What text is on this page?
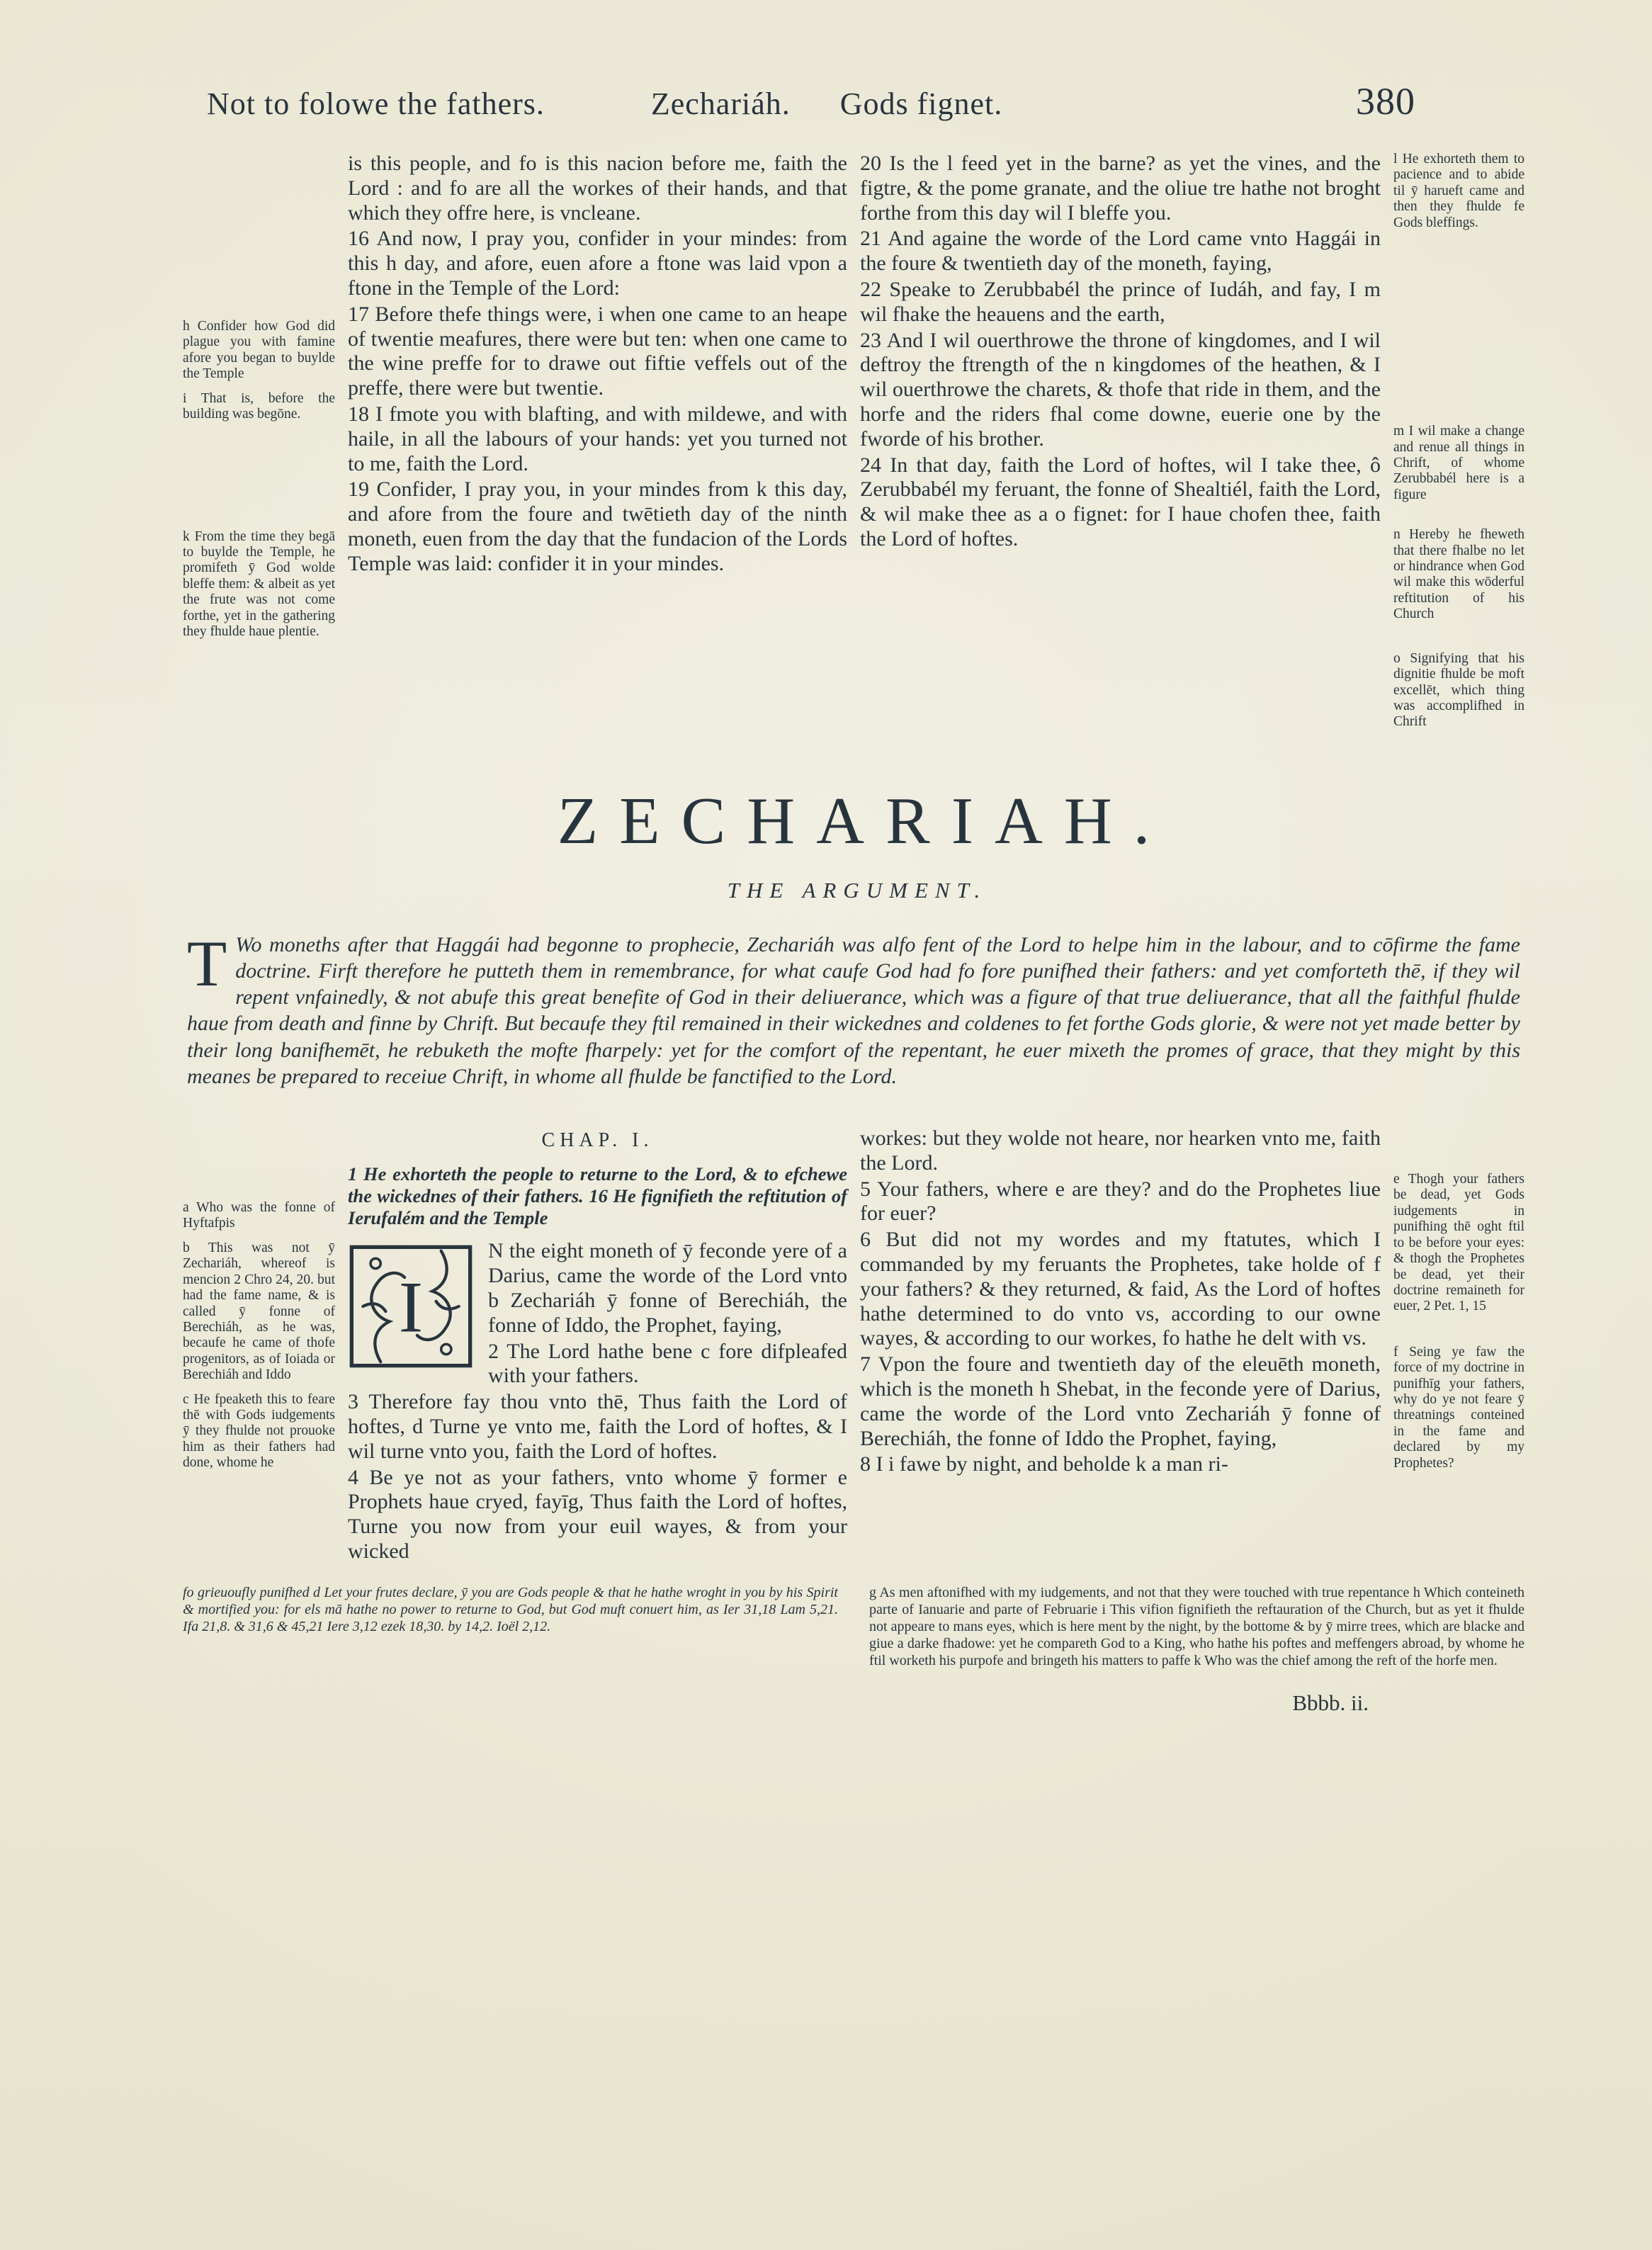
Not to folowe the fathers.	Zechariáh. Gods fignet.	380

h Confider how God did plague you with famine afore you began to buylde the Temple

i That is, before the building was begōne.

k From the time they begā to buylde the Temple, he promifeth ȳ God wolde bleffe them: & albeit as yet the frute was not come forthe, yet in the gathering they fhulde haue plentie.

is this people, and fo is this nacion before me, faith the Lord : and fo are all the workes of their hands, and that which they offre here, is vncleane.

16 And now, I pray you, confider in your mindes: from this h day, and afore, euen afore a ftone was laid vpon a ftone in the Temple of the Lord:

17 Before thefe things were, i when one came to an heape of twentie meafures, there were but ten: when one came to the wine preffe for to drawe out fiftie veffels out of the preffe, there were but twentie.

18 I fmote you with blafting, and with mildewe, and with haile, in all the labours of your hands: yet you turned not to me, faith the Lord.

19 Confider, I pray you, in your mindes from k this day, and afore from the foure and twētieth day of the ninth moneth, euen from the day that the fundacion of the Lords Temple was laid: confider it in your mindes.

20 Is the l feed yet in the barne? as yet the vines, and the figtre, & the pome granate, and the oliue tre hathe not broght forthe from this day wil I bleffe you.

21 And againe the worde of the Lord came vnto Haggái in the foure & twentieth day of the moneth, faying,

22 Speake to Zerubbabél the prince of Iudáh, and fay, I m wil fhake the heauens and the earth,

23 And I wil ouerthrowe the throne of kingdomes, and I wil deftroy the ftrength of the n kingdomes of the heathen, & I wil ouerthrowe the charets, & thofe that ride in them, and the horfe and the riders fhal come downe, euerie one by the fworde of his brother.

24 In that day, faith the Lord of hoftes, wil I take thee, ô Zerubbabél my feruant, the fonne of Shealtiél, faith the Lord, & wil make thee as a o fignet: for I haue chofen thee, faith the Lord of hoftes.

l He exhorteth them to pacience and to abide til ȳ harueft came and then they fhulde fe Gods bleffings.

m I wil make a change and renue all things in Chrift, of whome Zerubbabél here is a figure

n Hereby he fheweth that there fhalbe no let or hindrance when God wil make this wōderful reftitution of his Church

o Signifying that his dignitie fhulde be moft excellēt, which thing was accomplifhed in Chrift

ZECHARIAH.
THE ARGUMENT.
T Wo moneths after that Haggái had begonne to prophecie, Zechariáh was alfo fent of the Lord to helpe him in the labour, and to cōfirme the fame doctrine. Firft therefore he putteth them in remembrance, for what caufe God had fo fore punifhed their fathers: and yet comforteth thē, if they wil repent vnfainedly, & not abufe this great benefite of God in their deliuerance, which was a figure of that true deliuerance, that all the faithful fhulde haue from death and finne by Chrift. But becaufe they ftil remained in their wickednes and coldenes to fet forthe Gods glorie, & were not yet made better by their long banifhemēt, he rebuketh the mofte fharpely: yet for the comfort of the repentant, he euer mixeth the promes of grace, that they might by this meanes be prepared to receiue Chrift, in whome all fhulde be fanctified to the Lord.

a Who was the fonne of Hyftafpis

b This was not ȳ Zechariáh, whereof is mencion 2 Chro 24, 20. but had the fame name, & is called ȳ fonne of Berechiáh, as he was, becaufe he came of thofe progenitors, as of Ioiada or Berechiáh and Iddo

c He fpeaketh this to feare thē with Gods iudgements ȳ they fhulde not prouoke him as their fathers had done, whome he

CHAP. I.

1 He exhorteth the people to returne to the Lord, & to efchewe the wickednes of their fathers. 16 He fignifieth the reftitution of Ierufalém and the Temple

I

N the eight moneth of ȳ feconde yere of a Darius, came the worde of the Lord vnto b Zechariáh ȳ fonne of Berechiáh, the fonne of Iddo, the Prophet, faying,

2 The Lord hathe bene c fore difpleafed with your fathers.

3 Therefore fay thou vnto thē, Thus faith the Lord of hoftes, d Turne ye vnto me, faith the Lord of hoftes, & I wil turne vnto you, faith the Lord of hoftes.

4 Be ye not as your fathers, vnto whome ȳ former e Prophets haue cryed, fayīg, Thus faith the Lord of hoftes, Turne you now from your euil wayes, & from your wicked

workes: but they wolde not heare, nor hearken vnto me, faith the Lord.

5 Your fathers, where e are they? and do the Prophetes liue for euer?

6 But did not my wordes and my ftatutes, which I commanded by my feruants the Prophetes, take holde of f your fathers? & they returned, & faid, As the Lord of hoftes hathe determined to do vnto vs, according to our owne wayes, & according to our workes, fo hathe he delt with vs.

7 Vpon the foure and twentieth day of the eleuēth moneth, which is the moneth h Shebat, in the feconde yere of Darius, came the worde of the Lord vnto Zechariáh ȳ fonne of Berechiáh, the fonne of Iddo the Prophet, faying,

8 I i fawe by night, and beholde k a man ri-

e Thogh your fathers be dead, yet Gods iudgements in punifhing thē oght ftil to be before your eyes: & thogh the Prophetes be dead, yet their doctrine remaineth for euer, 2 Pet. 1, 15

f Seing ye faw the force of my doctrine in punifhīg your fathers, why do ye not feare ȳ threatnings conteined in the fame and declared by my Prophetes?

fo grieuoufly punifhed d Let your frutes declare, ȳ you are Gods people & that he hathe wroght in you by his Spirit & mortified you: for els mā hathe no power to returne to God, but God muft conuert him, as Ier 31,18 Lam 5,21. Ifa 21,8. & 31,6 & 45,21 Iere 3,12 ezek 18,30. by 14,2. Ioël 2,12.

g As men aftonifhed with my iudgements, and not that they were touched with true repentance h Which conteineth parte of Ianuarie and parte of Februarie i This vifion fignifieth the reftauration of the Church, but as yet it fhulde not appeare to mans eyes, which is here ment by the night, by the bottome & by ȳ mirre trees, which are blacke and giue a darke fhadowe: yet he compareth God to a King, who hathe his poftes and meffengers abroad, by whome he ftil worketh his purpofe and bringeth his matters to paffe k Who was the chief among the reft of the horfe men.

Bbbb. ii.
